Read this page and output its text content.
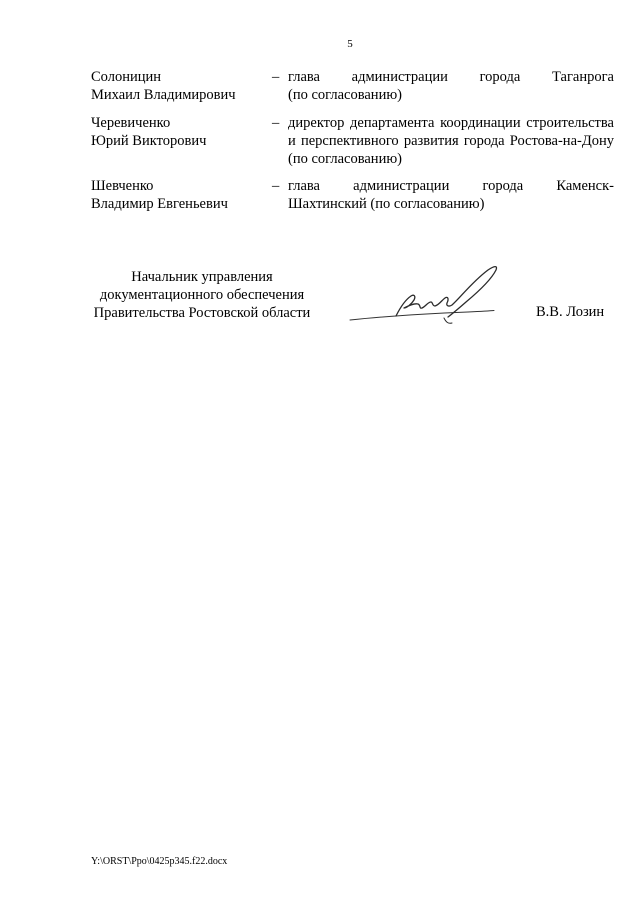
5
Солоницин
Михаил Владимирович
– глава администрации города Таганрога
(по согласованию)
Черевиченко
Юрий Викторович
– директор департамента координации строительства
и перспективного развития города Ростова-на-Дону
(по согласованию)
Шевченко
Владимир Евгеньевич
– глава администрации города Каменск-
Шахтинский (по согласованию)
Начальник управления
документационного обеспечения
Правительства Ростовской области	В.В. Лозин
Y:\ORST\Ppo\0425p345.f22.docx
